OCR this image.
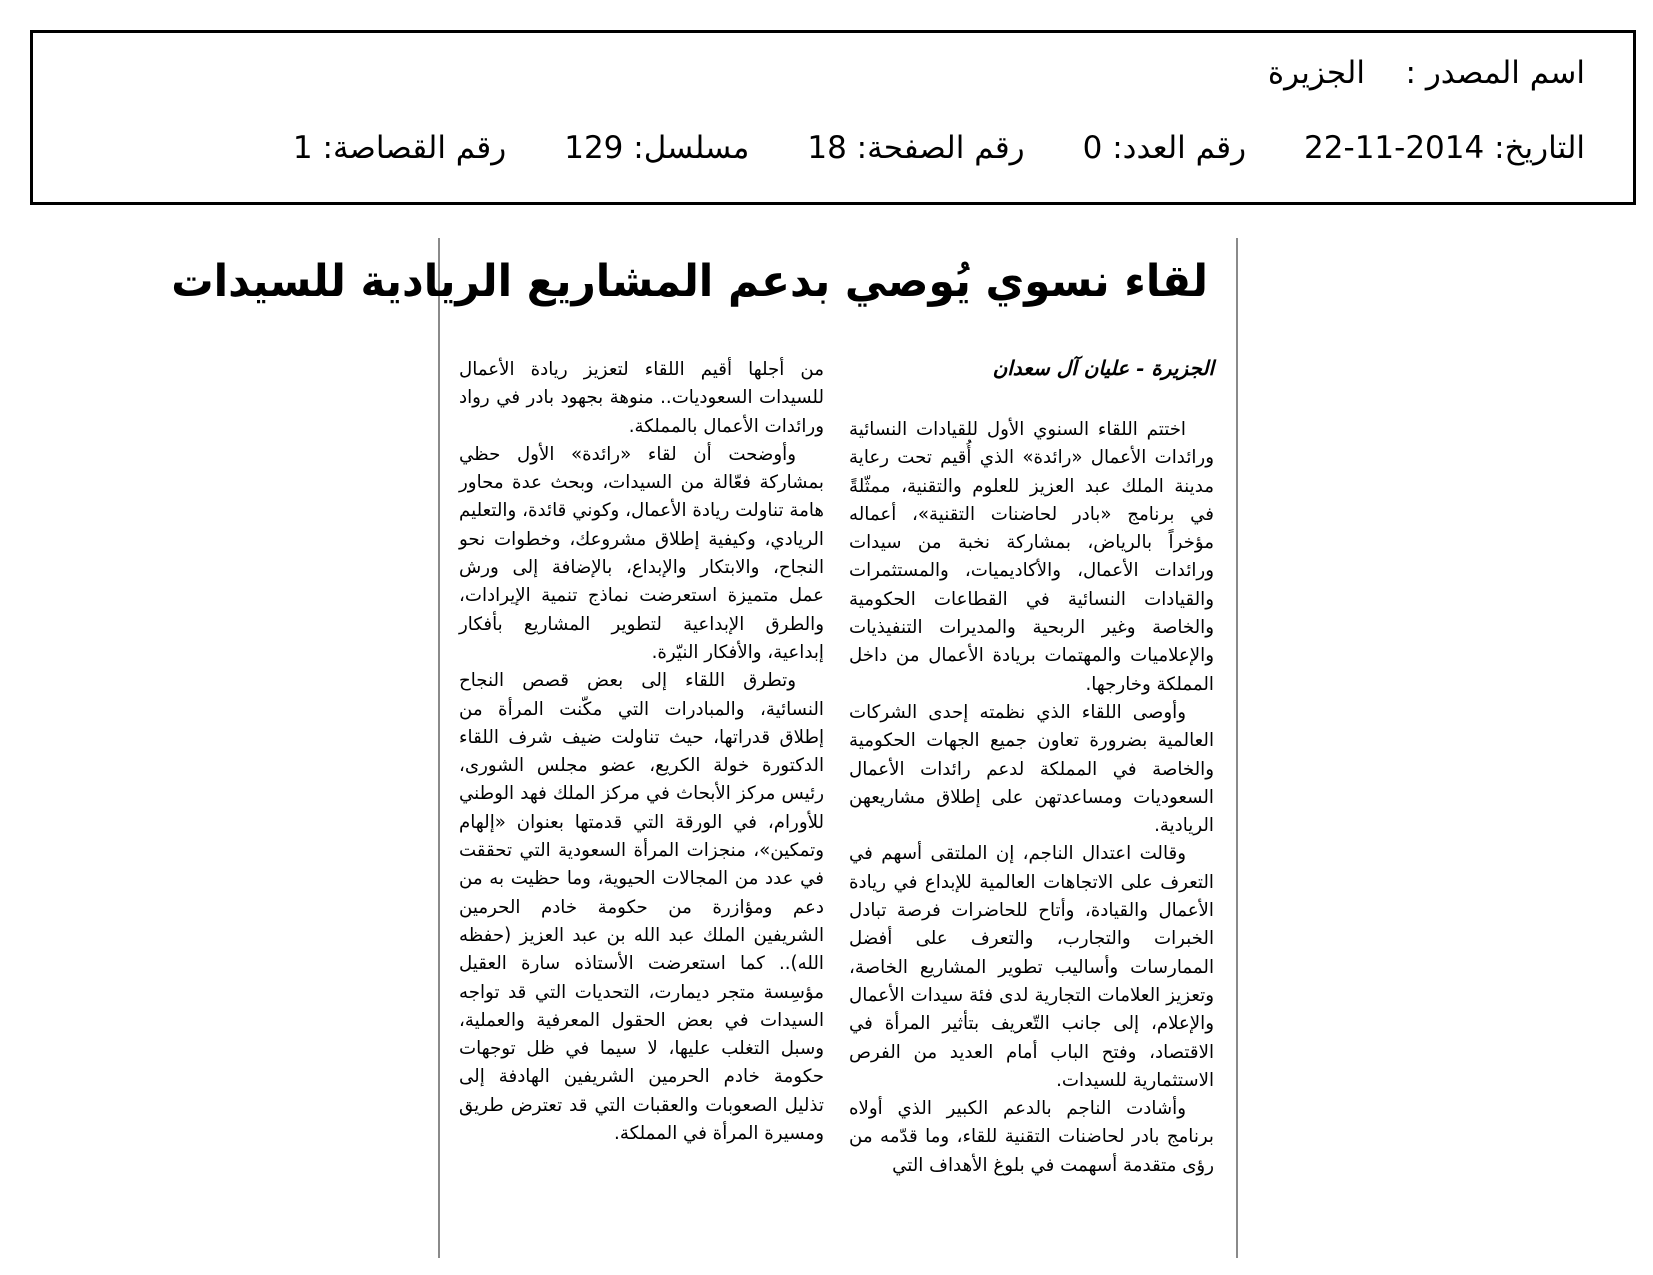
اسم المصدر :
الجزيرة
التاريخ: 2014-11-22
رقم العدد: 0
رقم الصفحة: 18
مسلسل: 129
رقم القصاصة: 1
لقاء نسوي يُوصي بدعم المشاريع الريادية للسيدات
الجزيرة - عليان آل سعدان

اختتم اللقاء السنوي الأول للقيادات النسائية ورائدات الأعمال «رائدة» الذي أُقيم تحت رعاية مدينة الملك عبد العزيز للعلوم والتقنية، ممثّلةً في برنامج «بادر لحاضنات التقنية»، أعماله مؤخراً بالرياض، بمشاركة نخبة من سيدات ورائدات الأعمال، والأكاديميات، والمستثمرات والقيادات النسائية في القطاعات الحكومية والخاصة وغير الربحية والمديرات التنفيذيات والإعلاميات والمهتمات بريادة الأعمال من داخل المملكة وخارجها.

وأوصى اللقاء الذي نظمته إحدى الشركات العالمية بضرورة تعاون جميع الجهات الحكومية والخاصة في المملكة لدعم رائدات الأعمال السعوديات ومساعدتهن على إطلاق مشاريعهن الريادية.

وقالت اعتدال الناجم، إن الملتقى أسهم في التعرف على الاتجاهات العالمية للإبداع في ريادة الأعمال والقيادة، وأتاح للحاضرات فرصة تبادل الخبرات والتجارب، والتعرف على أفضل الممارسات وأساليب تطوير المشاريع الخاصة، وتعزيز العلامات التجارية لدى فئة سيدات الأعمال والإعلام، إلى جانب التّعريف بتأثير المرأة في الاقتصاد، وفتح الباب أمام العديد من الفرص الاستثمارية للسيدات.

وأشادت الناجم بالدعم الكبير الذي أولاه برنامج بادر لحاضنات التقنية للقاء، وما قدّمه من رؤى متقدمة أسهمت في بلوغ الأهداف التي

من أجلها أقيم اللقاء لتعزيز ريادة الأعمال للسيدات السعوديات.. منوهة بجهود بادر في رواد ورائدات الأعمال بالمملكة.

وأوضحت أن لقاء «رائدة» الأول حظي بمشاركة فعّالة من السيدات، وبحث عدة محاور هامة تناولت ريادة الأعمال، وكوني قائدة، والتعليم الريادي، وكيفية إطلاق مشروعك، وخطوات نحو النجاح، والابتكار والإبداع، بالإضافة إلى ورش عمل متميزة استعرضت نماذج تنمية الإيرادات، والطرق الإبداعية لتطوير المشاريع بأفكار إبداعية، والأفكار النيّرة.

وتطرق اللقاء إلى بعض قصص النجاح النسائية، والمبادرات التي مكّنت المرأة من إطلاق قدراتها، حيث تناولت ضيف شرف اللقاء الدكتورة خولة الكريع، عضو مجلس الشورى، رئيس مركز الأبحاث في مركز الملك فهد الوطني للأورام، في الورقة التي قدمتها بعنوان «إلهام وتمكين»، منجزات المرأة السعودية التي تحققت في عدد من المجالات الحيوية، وما حظيت به من دعم ومؤازرة من حكومة خادم الحرمين الشريفين الملك عبد الله بن عبد العزيز (حفظه الله).. كما استعرضت الأستاذه سارة العقيل مؤسِسة متجر ديمارت، التحديات التي قد تواجه السيدات في بعض الحقول المعرفية والعملية، وسبل التغلب عليها، لا سيما في ظل توجهات حكومة خادم الحرمين الشريفين الهادفة إلى تذليل الصعوبات والعقبات التي قد تعترض طريق ومسيرة المرأة في المملكة.
